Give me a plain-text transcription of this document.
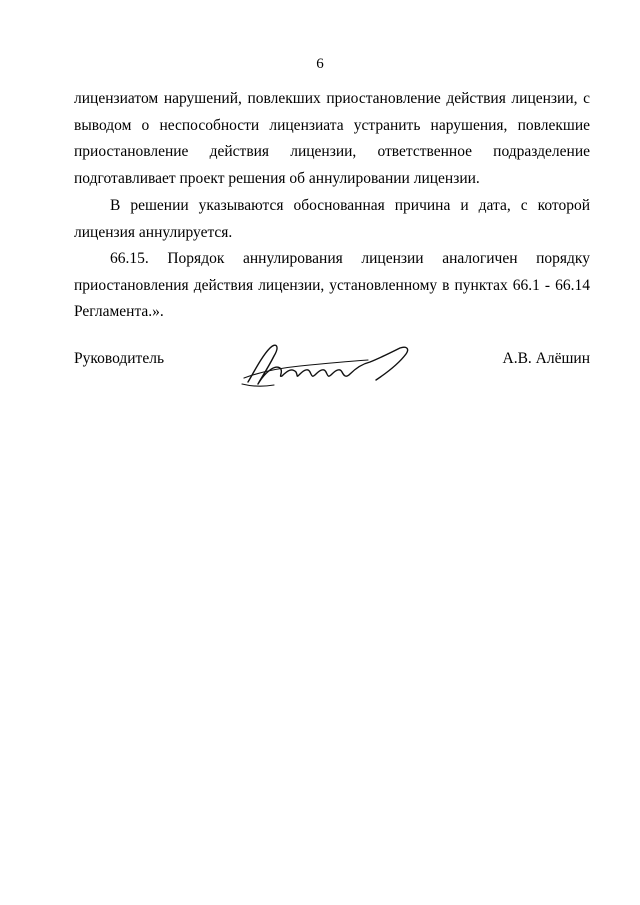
6
лицензиатом нарушений, повлекших приостановление действия лицензии, с выводом о неспособности лицензиата устранить нарушения, повлекшие приостановление действия лицензии, ответственное подразделение подготавливает проект решения об аннулировании лицензии.
В решении указываются обоснованная причина и дата, с которой лицензия аннулируется.
66.15. Порядок аннулирования лицензии аналогичен порядку приостановления действия лицензии, установленному в пунктах 66.1 - 66.14 Регламента.».
Руководитель	А.В. Алёшин
